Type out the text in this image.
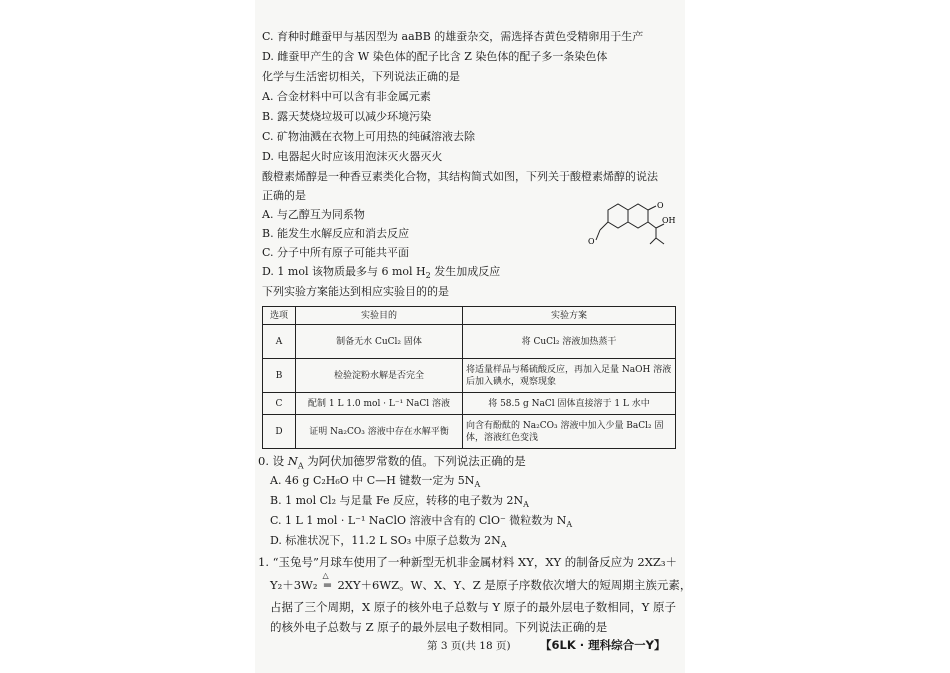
C. 育种时雌蚕甲与基因型为 aaBB 的雄蚕杂交，需选择杏黄色受精卵用于生产
D. 雌蚕甲产生的含 W 染色体的配子比含 Z 染色体的配子多一条染色体
化学与生活密切相关，下列说法正确的是
A. 合金材料中可以含有非金属元素
B. 露天焚烧垃圾可以减少环境污染
C. 矿物油溅在衣物上可用热的纯碱溶液去除
D. 电器起火时应该用泡沫灭火器灭火
酸橙素烯醇是一种香豆素类化合物，其结构简式如图，下列关于酸橙素烯醇的说法
正确的是
A. 与乙醇互为同系物
B. 能发生水解反应和消去反应
C. 分子中所有原子可能共平面
D. 1 mol 该物质最多与 6 mol $H_2$ 发生加成反应
下列实验方案能达到相应实验目的的是
O
OH
O
选项	实验目的	实验方案
A	制备无水 CuCl₂ 固体	将 CuCl₂ 溶液加热蒸干
B	检验淀粉水解是否完全	将适量样品与稀硫酸反应，再加入足量 NaOH 溶液后加入碘水，观察现象
C	配制 1 L 1.0 mol · L⁻¹ NaCl 溶液	将 58.5 g NaCl 固体直接溶于 1 L 水中
D	证明 Na₂CO₃ 溶液中存在水解平衡	向含有酚酞的 Na₂CO₃ 溶液中加入少量 BaCl₂ 固体，溶液红色变浅
0. 设 $N_A$ 为阿伏加德罗常数的值。下列说法正确的是
A. 46 g C₂H₆O 中 C—H 键数一定为 $5N_A$
B. 1 mol Cl₂ 与足量 Fe 反应，转移的电子数为 $2N_A$
C. 1 L 1 mol · L⁻¹ NaClO 溶液中含有的 ClO⁻ 微粒数为 $N_A$
D. 标准状况下，11.2 L SO₃ 中原子总数为 $2N_A$
1. “玉兔号”月球车使用了一种新型无机非金属材料 XY，XY 的制备反应为 2XZ₃＋
Y₂＋3W₂
△
═ 2XY＋6WZ。W、X、Y、Z 是原子序数依次增大的短周期主族元素，
占据了三个周期，X 原子的核外电子总数与 Y 原子的最外层电子数相同，Y 原子
的核外电子总数与 Z 原子的最外层电子数相同。下列说法正确的是
第 3 页(共 18 页)	【6LK · 理科综合一Y】
